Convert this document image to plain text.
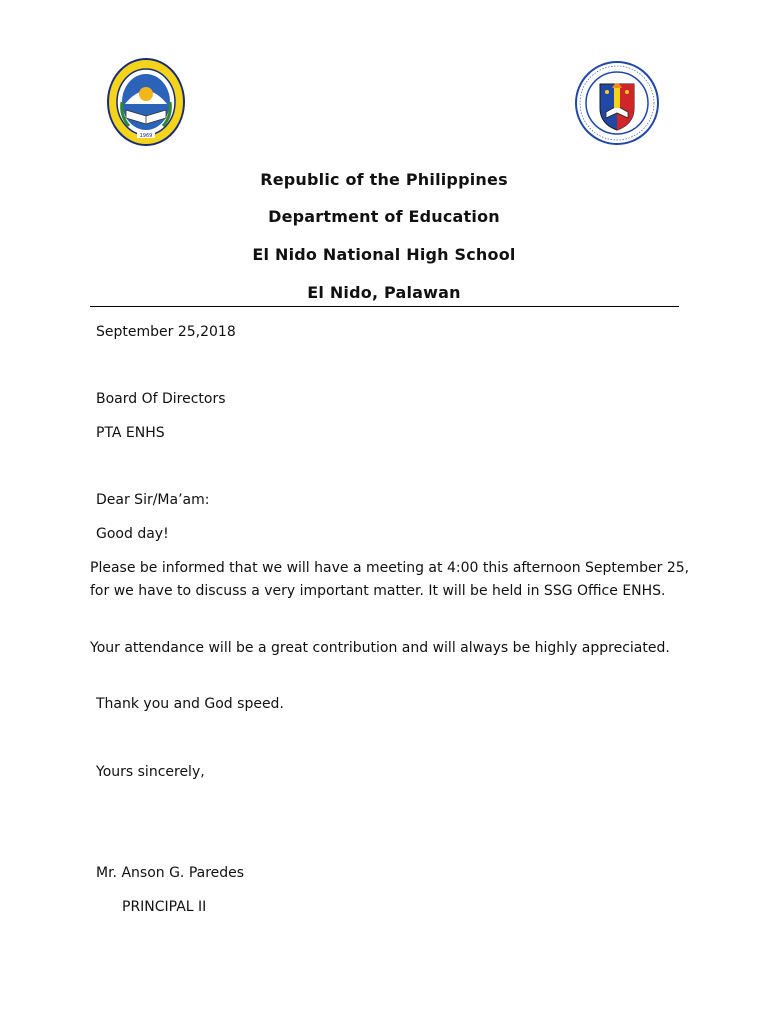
1969
Republic of the Philippines
Department of Education
El Nido National High School
El Nido, Palawan
September 25,2018
Board Of Directors
PTA ENHS
Dear Sir/Ma’am:
Good day!
Please be informed that we will have a meeting at 4:00 this afternoon September 25, for we have to discuss a very important matter. It will be held in SSG Office ENHS.
Your attendance will be a great contribution and will always be highly appreciated.
Thank you and God speed.
Yours sincerely,
Mr. Anson G. Paredes
PRINCIPAL II
